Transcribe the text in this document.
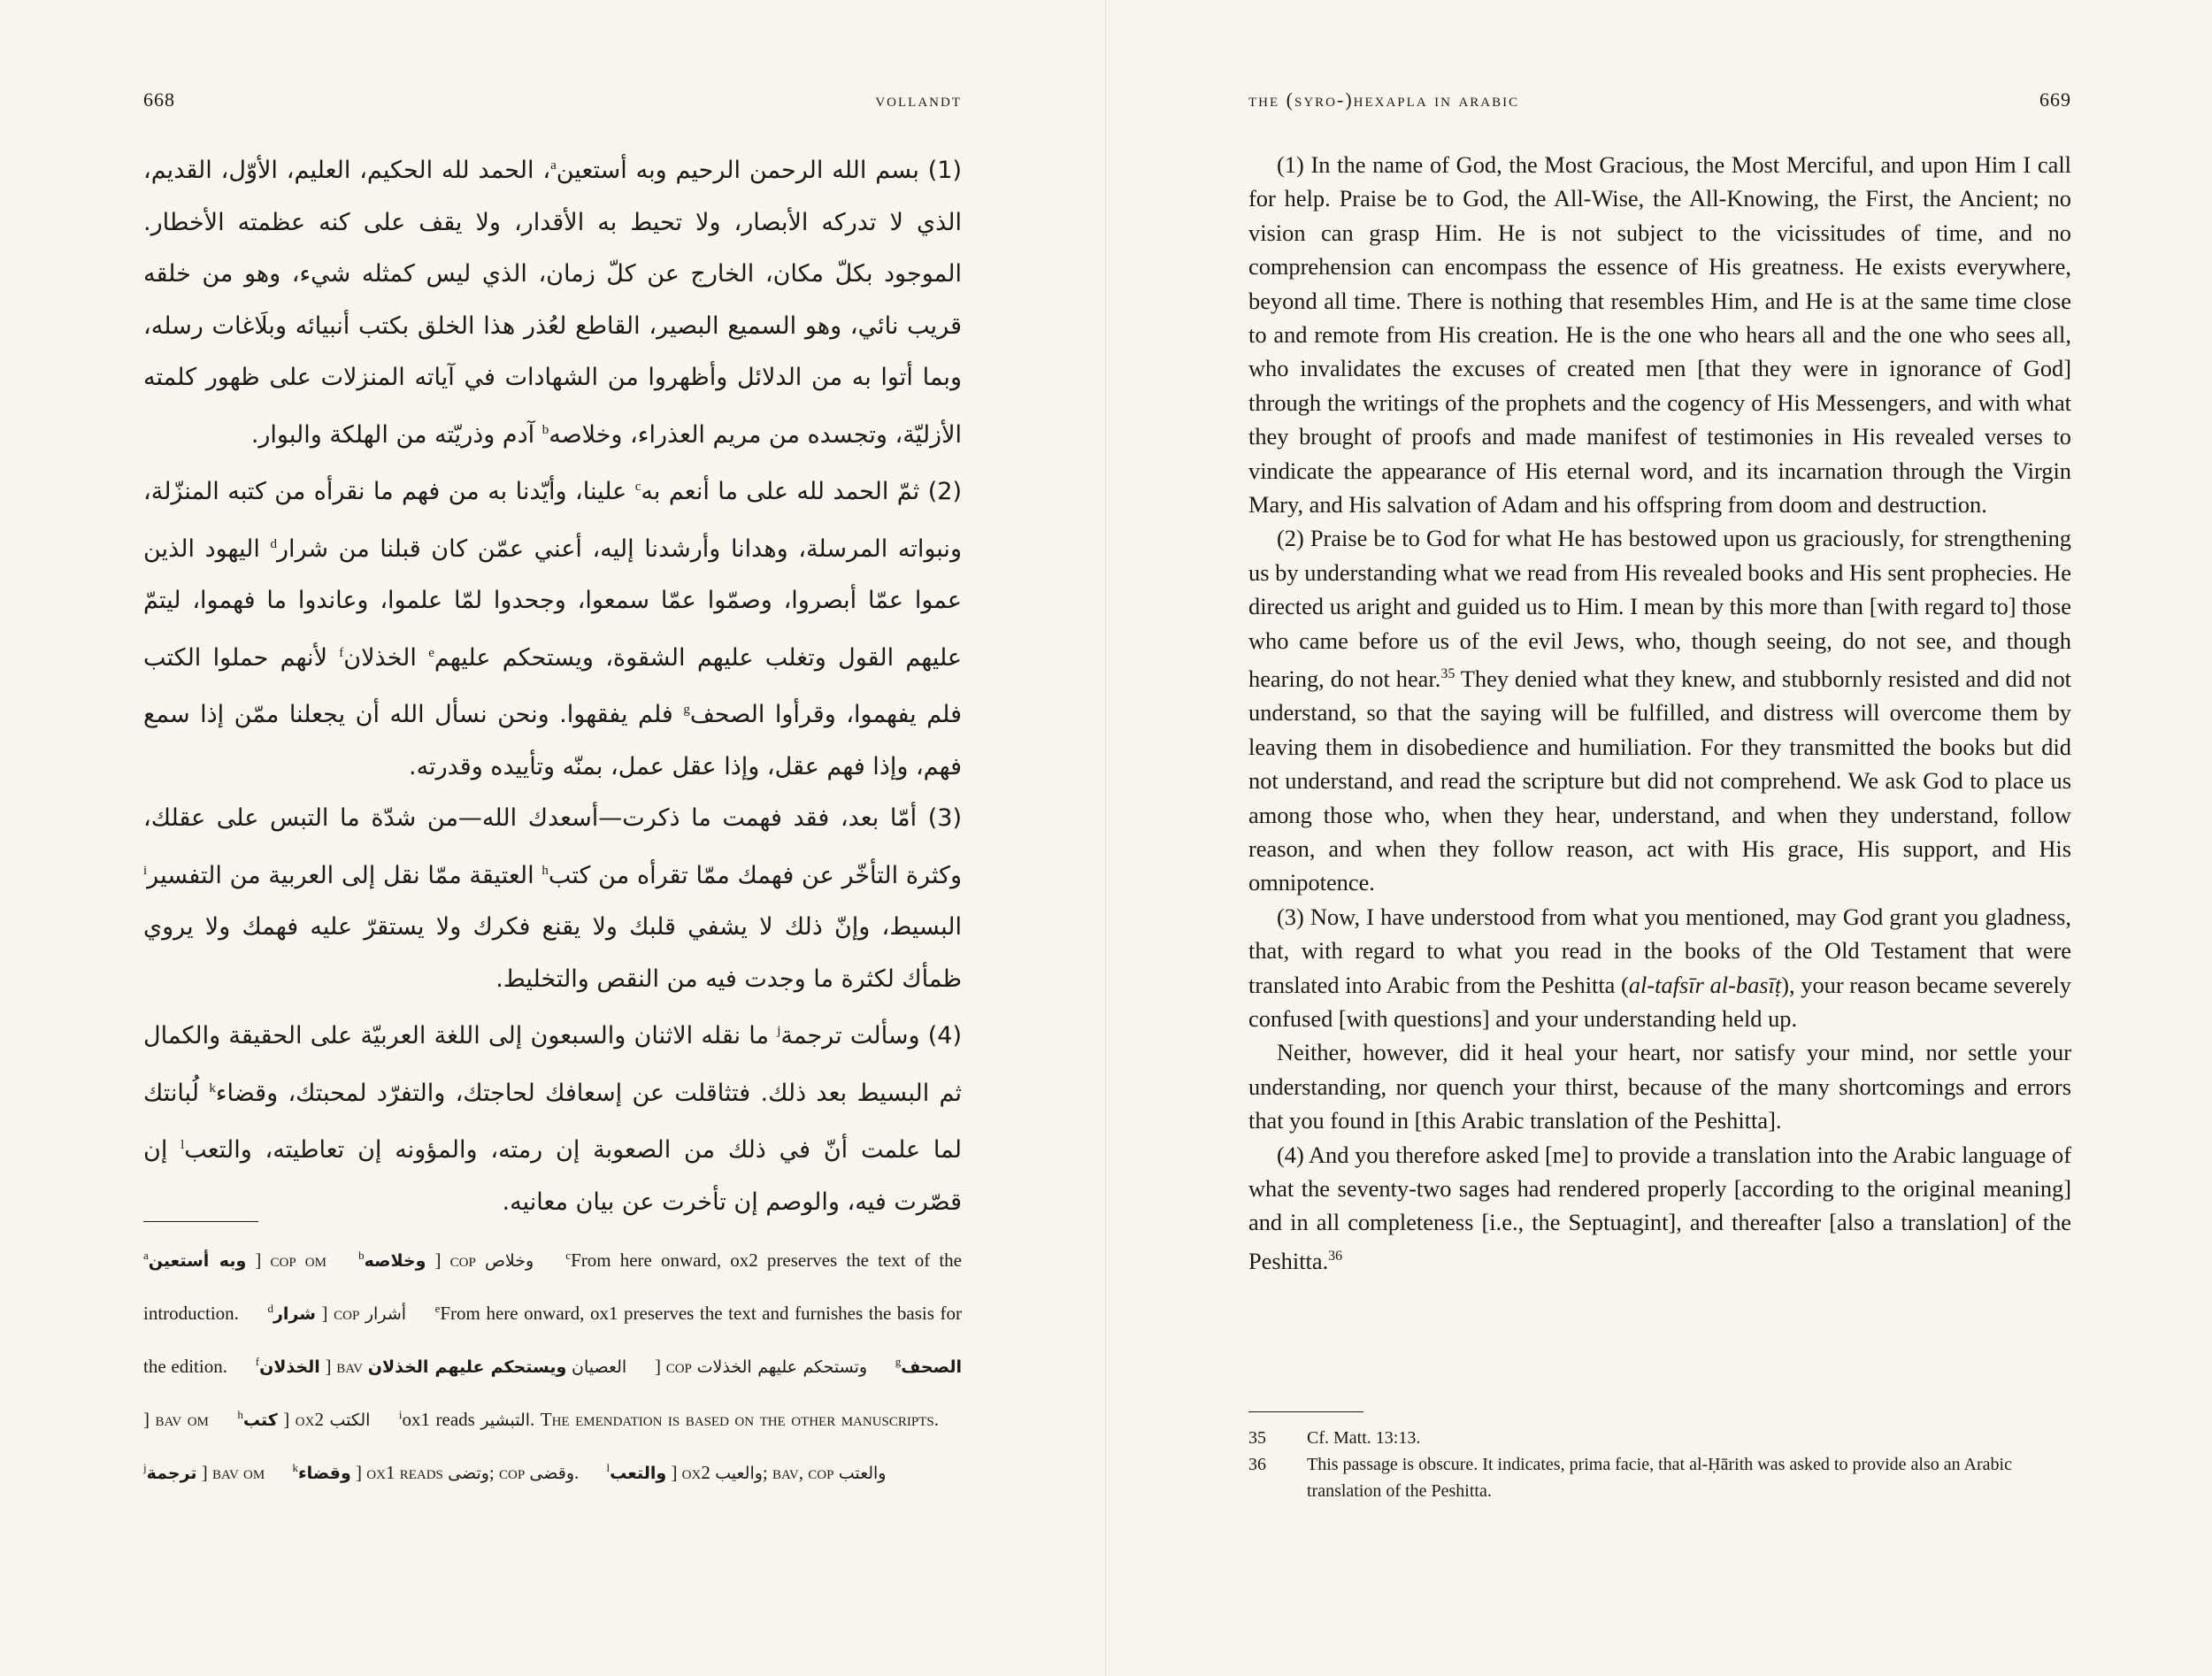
668	vollandt

(1) بسم الله الرحمن الرحيم وبه أستعين$^a$، الحمد لله الحكيم، العليم، الأوّل، القديم، الذي لا تدركه الأبصار، ولا تحيط به الأقدار، ولا يقف على كنه عظمته الأخطار. الموجود بكلّ مكان، الخارج عن كلّ زمان، الذي ليس كمثله شيء، وهو من خلقه قريب نائي، وهو السميع البصير، القاطع لعُذر هذا الخلق بكتب أنبيائه وبلَاغات رسله، وبما أتوا به من الدلائل وأظهروا من الشهادات في آياته المنزلات على ظهور كلمته الأزليّة، وتجسده من مريم العذراء، وخلاصه$^b$ آدم وذريّته من الهلكة والبوار.

(2) ثمّ الحمد لله على ما أنعم به$^c$ علينا، وأيّدنا به من فهم ما نقرأه من كتبه المنزّلة، ونبواته المرسلة، وهدانا وأرشدنا إليه، أعني عمّن كان قبلنا من شرار$^d$ اليهود الذين عموا عمّا أبصروا، وصمّوا عمّا سمعوا، وجحدوا لمّا علموا، وعاندوا ما فهموا، ليتمّ عليهم القول وتغلب عليهم الشقوة، ويستحكم عليهم$^e$ الخذلان$^f$ لأنهم حملوا الكتب فلم يفهموا، وقرأوا الصحف$^g$ فلم يفقهوا. ونحن نسأل الله أن يجعلنا ممّن إذا سمع فهم، وإذا فهم عقل، وإذا عقل عمل، بمنّه وتأييده وقدرته.

(3) أمّا بعد، فقد فهمت ما ذكرت—أسعدك الله—من شدّة ما التبس على عقلك، وكثرة التأخّر عن فهمك ممّا تقرأه من كتب$^h$ العتيقة ممّا نقل إلى العربية من التفسير$^i$ البسيط، وإنّ ذلك لا يشفي قلبك ولا يقنع فكرك ولا يستقرّ عليه فهمك ولا يروي ظمأك لكثرة ما وجدت فيه من النقص والتخليط.

(4) وسألت ترجمة$^j$ ما نقله الاثنان والسبعون إلى اللغة العربيّة على الحقيقة والكمال ثم البسيط بعد ذلك. فتثاقلت عن إسعافك لحاجتك، والتفرّد لمحبتك، وقضاء$^k$ لُبانتك لما علمت أنّ في ذلك من الصعوبة إن رمته، والمؤونه إن تعاطيته، والتعب$^l$ إن قصّرت فيه، والوصم إن تأخرت عن بيان معانيه.

$^a$وبه أستعين ] cop om $^b$وخلاصه ] cop وخلاص	$^c$From here onward, ox2 preserves the text of the introduction. $^d$شرار ] cop أشرار	$^e$From here onward, ox1 preserves the text and furnishes the basis for the edition. $^f$الخذلان ] bav	العصيان ويستحكم عليهم الخذلان	] cop وتستحكم عليهم الخذلات $^g$الصحف ] bav om $^h$كتب ] ox2 الكتب	$^i$ox1 reads التبشير. The emendation is based on the other manuscripts. $^j$ترجمة ] bav om $^k$وقضاء ] ox1 reads وتضى; cop وقضى. $^l$والتعب ] ox2 والعيب; bav, cop والعتب

the (syro-)hexapla in arabic	669

(1) In the name of God, the Most Gracious, the Most Merciful, and upon Him I call for help. Praise be to God, the All-Wise, the All-Knowing, the First, the Ancient; no vision can grasp Him. He is not subject to the vicissitudes of time, and no comprehension can encompass the essence of His greatness. He exists everywhere, beyond all time. There is nothing that resembles Him, and He is at the same time close to and remote from His creation. He is the one who hears all and the one who sees all, who invalidates the excuses of created men [that they were in ignorance of God] through the writings of the prophets and the cogency of His Messengers, and with what they brought of proofs and made manifest of testimonies in His revealed verses to vindicate the appearance of His eternal word, and its incarnation through the Virgin Mary, and His salvation of Adam and his offspring from doom and destruction.

(2) Praise be to God for what He has bestowed upon us graciously, for strengthening us by understanding what we read from His revealed books and His sent prophecies. He directed us aright and guided us to Him. I mean by this more than [with regard to] those who came before us of the evil Jews, who, though seeing, do not see, and though hearing, do not hear.$^{35}$ They denied what they knew, and stubbornly resisted and did not understand, so that the saying will be fulfilled, and distress will overcome them by leaving them in disobedience and humiliation. For they transmitted the books but did not understand, and read the scripture but did not comprehend. We ask God to place us among those who, when they hear, understand, and when they understand, follow reason, and when they follow reason, act with His grace, His support, and His omnipotence.

(3) Now, I have understood from what you mentioned, may God grant you gladness, that, with regard to what you read in the books of the Old Testament that were translated into Arabic from the Peshitta (al-tafsīr al-basīṭ), your reason became severely confused [with questions] and your understanding held up.

Neither, however, did it heal your heart, nor satisfy your mind, nor settle your understanding, nor quench your thirst, because of the many shortcomings and errors that you found in [this Arabic translation of the Peshitta].

(4) And you therefore asked [me] to provide a translation into the Arabic language of what the seventy-two sages had rendered properly [according to the original meaning] and in all completeness [i.e., the Septuagint], and thereafter [also a translation] of the Peshitta.$^{36}$

35	Cf. Matt. 13:13.
36	This passage is obscure. It indicates, prima facie, that al-Ḥārith was asked to provide also an Arabic translation of the Peshitta.
